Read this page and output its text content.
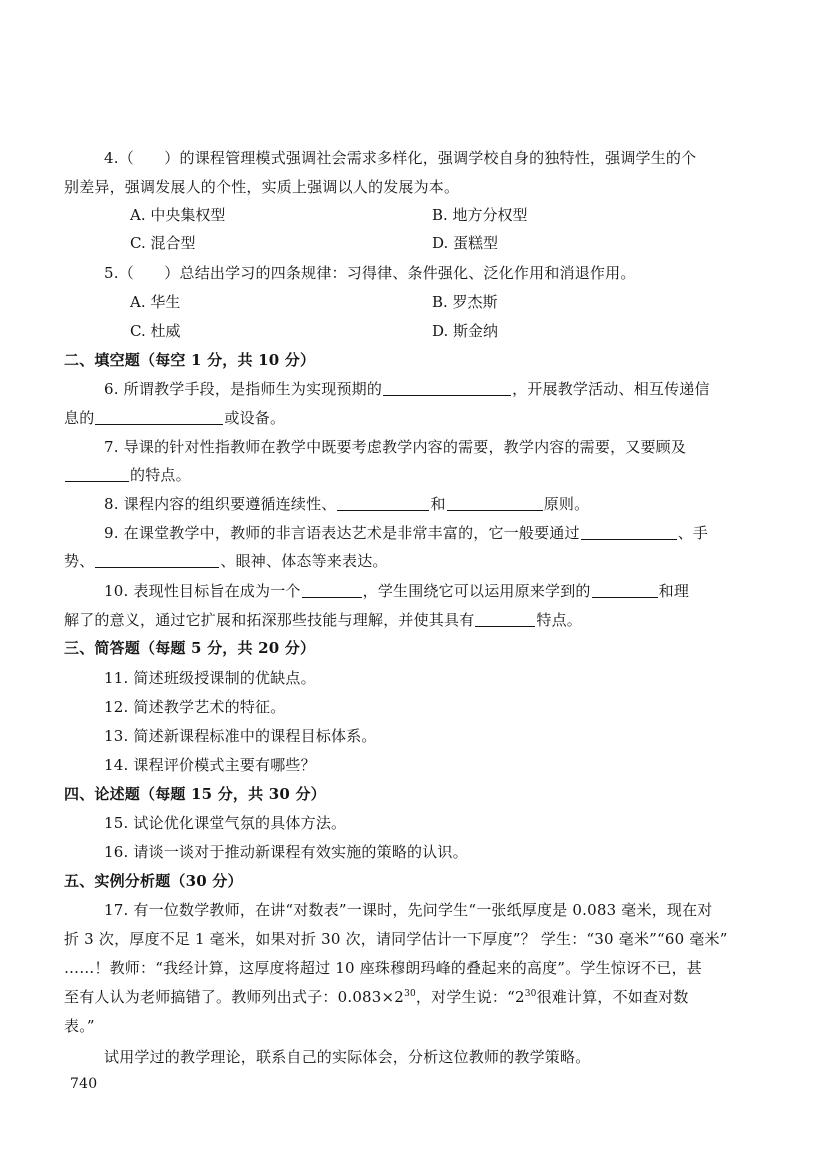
4.（　　）的课程管理模式强调社会需求多样化，强调学校自身的独特性，强调学生的个
别差异，强调发展人的个性，实质上强调以人的发展为本。
A. 中央集权型	B. 地方分权型
C. 混合型	D. 蛋糕型
5.（　　）总结出学习的四条规律：习得律、条件强化、泛化作用和消退作用。
A. 华生	B. 罗杰斯
C. 杜威	D. 斯金纳
二、填空题（每空 1 分，共 10 分）
6. 所谓教学手段，是指师生为实现预期的	，开展教学活动、相互传递信
息的	或设备。
7. 导课的针对性指教师在教学中既要考虑教学内容的需要，教学内容的需要，又要顾及
的特点。
8. 课程内容的组织要遵循连续性、	和	原则。
9. 在课堂教学中，教师的非言语表达艺术是非常丰富的，它一般要通过	、手
势、	、眼神、体态等来表达。
10. 表现性目标旨在成为一个	，学生围绕它可以运用原来学到的	和理
解了的意义，通过它扩展和拓深那些技能与理解，并使其具有	特点。
三、简答题（每题 5 分，共 20 分）
11. 简述班级授课制的优缺点。
12. 简述教学艺术的特征。
13. 简述新课程标准中的课程目标体系。
14. 课程评价模式主要有哪些？
四、论述题（每题 15 分，共 30 分）
15. 试论优化课堂气氛的具体方法。
16. 请谈一谈对于推动新课程有效实施的策略的认识。
五、实例分析题（30 分）
17. 有一位数学教师，在讲“对数表”一课时，先问学生“一张纸厚度是 0.083 毫米，现在对
折 3 次，厚度不足 1 毫米，如果对折 30 次，请同学估计一下厚度”？ 学生：“30 毫米”“60 毫米”
……！教师：“我经计算，这厚度将超过 10 座珠穆朗玛峰的叠起来的高度”。学生惊讶不已，甚
至有人认为老师搞错了。教师列出式子：$0.083\times 2^{30}$，对学生说：“$2^{30}$很难计算，不如查对数
表。”
试用学过的教学理论，联系自己的实际体会，分析这位教师的教学策略。
740
